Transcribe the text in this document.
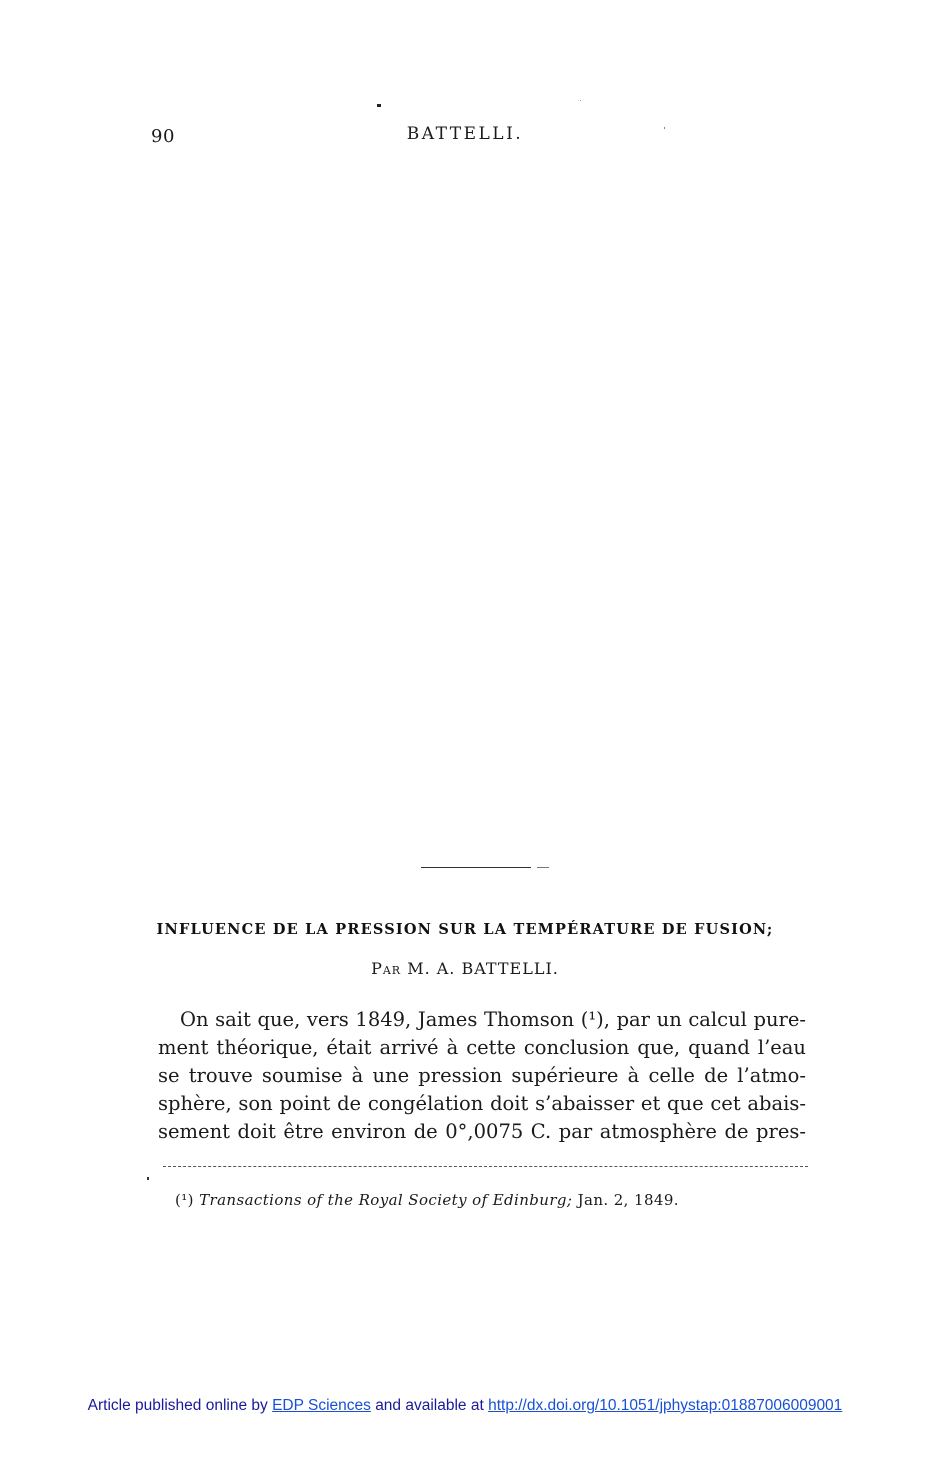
90	BATTELLI.
INFLUENCE DE LA PRESSION SUR LA TEMPÉRATURE DE FUSION;
Par M. A. BATTELLI.

On sait que, vers 1849, James Thomson (¹), par un calcul pure-
ment théorique, était arrivé à cette conclusion que, quand l’eau
se trouve soumise à une pression supérieure à celle de l’atmo-
sphère, son point de congélation doit s’abaisser et que cet abais-
sement doit être environ de 0°,0075 C. par atmosphère de pres-

(¹) Transactions of the Royal Society of Edinburg; Jan. 2, 1849.
Article published online by EDP Sciences and available at http://dx.doi.org/10.1051/jphystap:01887006009001
